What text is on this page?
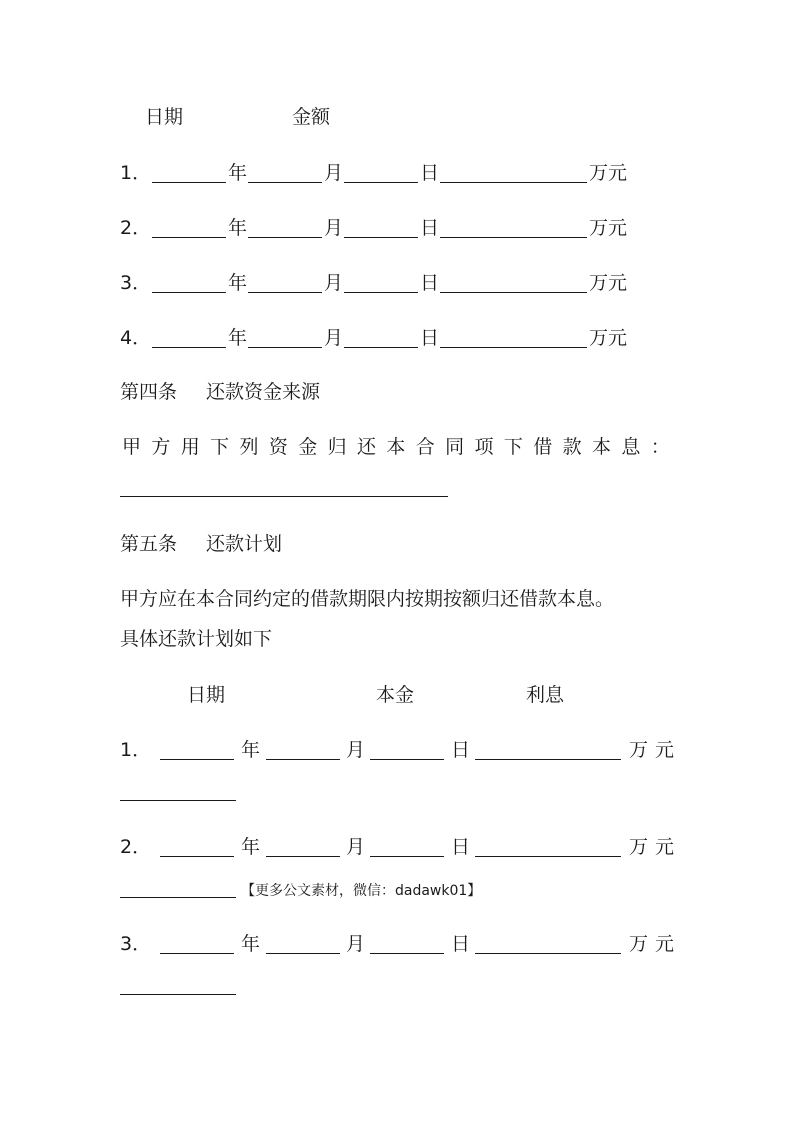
日期	金额
1．	年	月	日	万元
2．	年	月	日	万元
3．	年	月	日	万元
4．	年	月	日	万元
第四条 还款资金来源
甲 方 用 下 列 资 金 归 还 本 合 同 项 下 借 款 本 息 ：
第五条 还款计划
甲方应在本合同约定的借款期限内按期按额归还借款本息。
具体还款计划如下
日期	本金	利息
1．	年	月	日	万 元
2．	年	月	日	万 元
【更多公文素材，微信：dadawk01】
3．	年	月	日	万 元
